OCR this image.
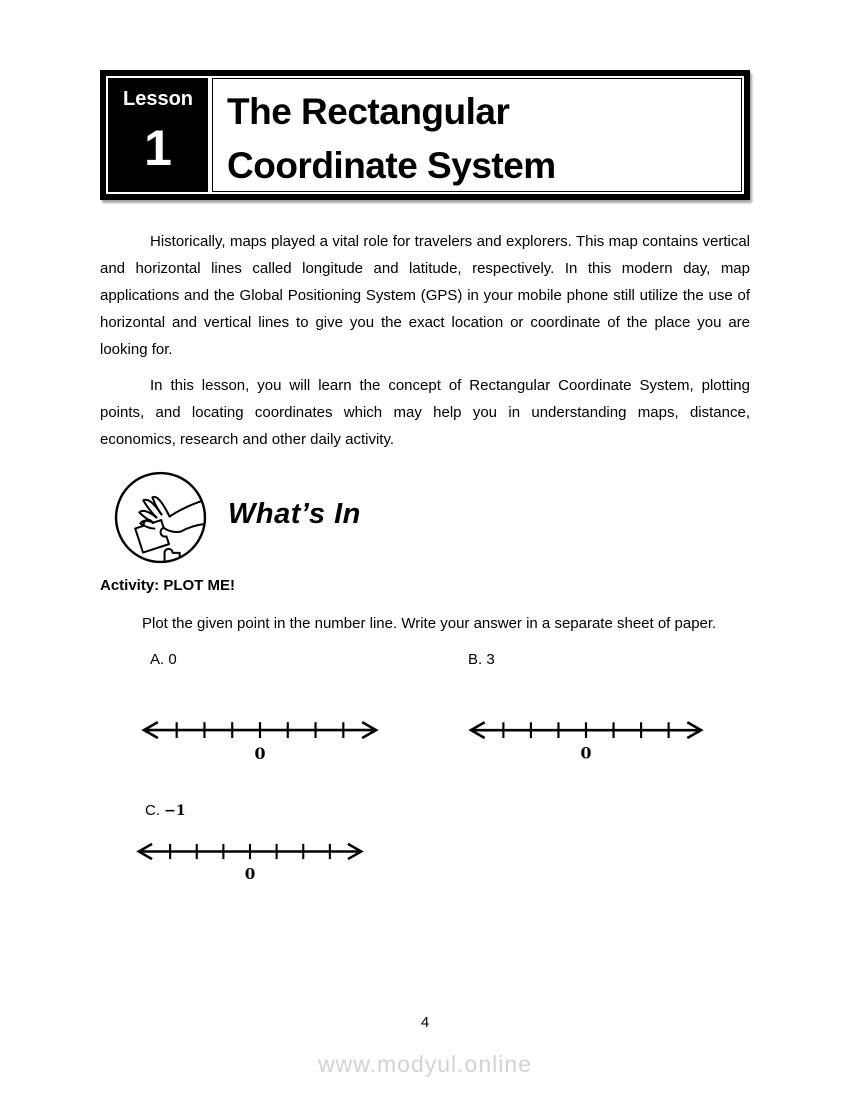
Lesson
1
The Rectangular
Coordinate System

Historically, maps played a vital role for travelers and explorers. This map contains vertical and horizontal lines called longitude and latitude, respectively. In this modern day, map applications and the Global Positioning System (GPS) in your mobile phone still utilize the use of horizontal and vertical lines to give you the exact location or coordinate of the place you are looking for.

In this lesson, you will learn the concept of Rectangular Coordinate System, plotting points, and locating coordinates which may help you in understanding maps, distance, economics, research and other daily activity.

What’s In
Activity: PLOT ME!
Plot the given point in the number line. Write your answer in a separate sheet of paper.
A. 0	B. 3
C. −1
0	0
0
4
www.modyul.online
